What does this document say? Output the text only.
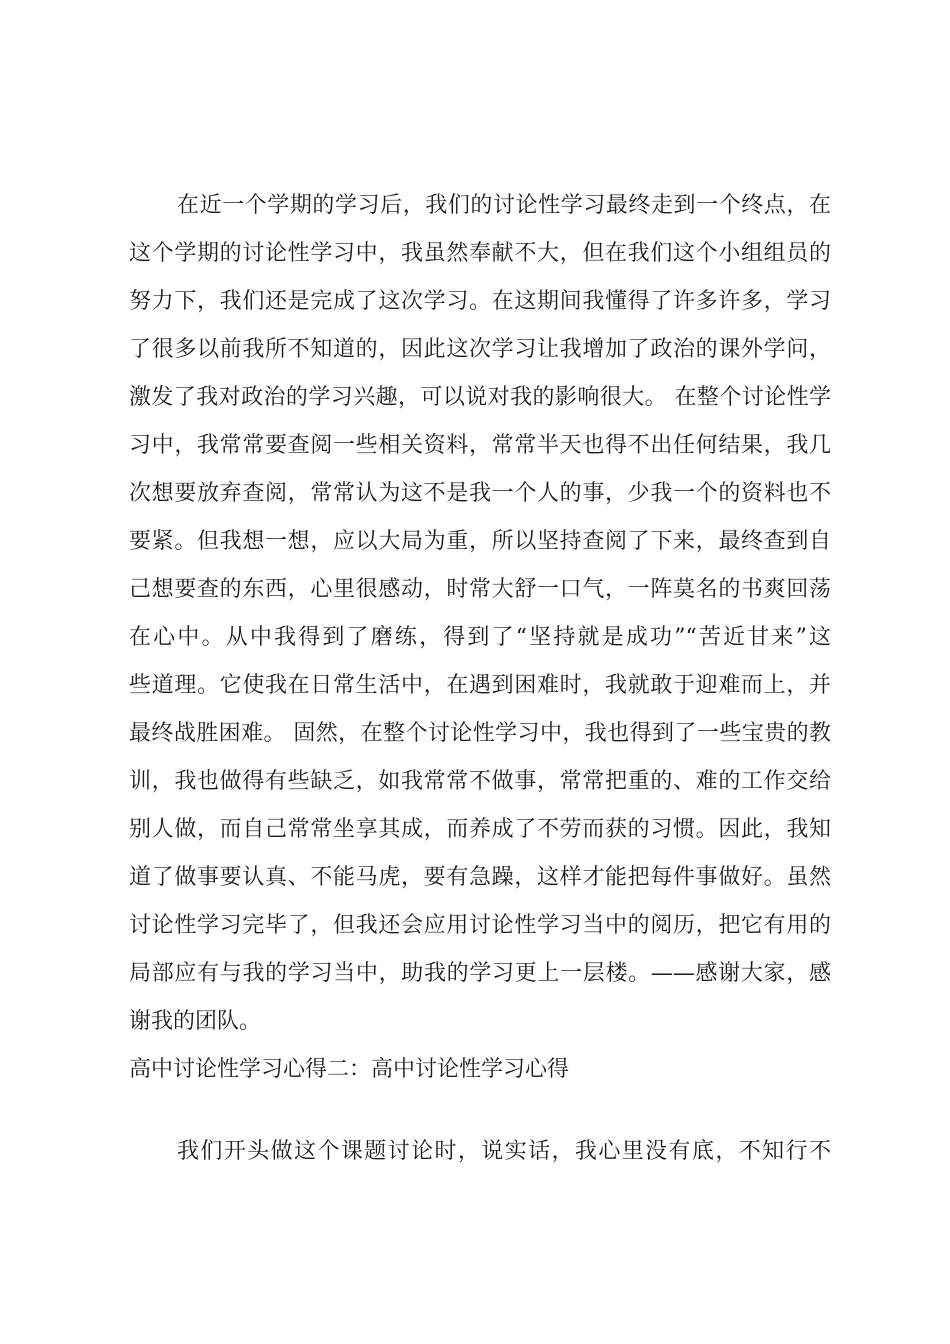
在近一个学期的学习后，我们的讨论性学习最终走到一个终点，在
这个学期的讨论性学习中，我虽然奉献不大，但在我们这个小组组员的
努力下，我们还是完成了这次学习。在这期间我懂得了许多许多，学习
了很多以前我所不知道的，因此这次学习让我增加了政治的课外学问，
激发了我对政治的学习兴趣，可以说对我的影响很大。 在整个讨论性学
习中，我常常要查阅一些相关资料，常常半天也得不出任何结果，我几
次想要放弃查阅，常常认为这不是我一个人的事，少我一个的资料也不
要紧。但我想一想，应以大局为重，所以坚持查阅了下来，最终查到自
己想要查的东西，心里很感动，时常大舒一口气，一阵莫名的书爽回荡
在心中。从中我得到了磨练，得到了“坚持就是成功”“苦近甘来”这
些道理。它使我在日常生活中，在遇到困难时，我就敢于迎难而上，并
最终战胜困难。 固然，在整个讨论性学习中，我也得到了一些宝贵的教
训，我也做得有些缺乏，如我常常不做事，常常把重的、难的工作交给
别人做，而自己常常坐享其成，而养成了不劳而获的习惯。因此，我知
道了做事要认真、不能马虎，要有急躁，这样才能把每件事做好。虽然
讨论性学习完毕了，但我还会应用讨论性学习当中的阅历，把它有用的
局部应有与我的学习当中，助我的学习更上一层楼。——感谢大家，感
谢我的团队。
高中讨论性学习心得二：高中讨论性学习心得
我们开头做这个课题讨论时，说实话，我心里没有底，不知行不
